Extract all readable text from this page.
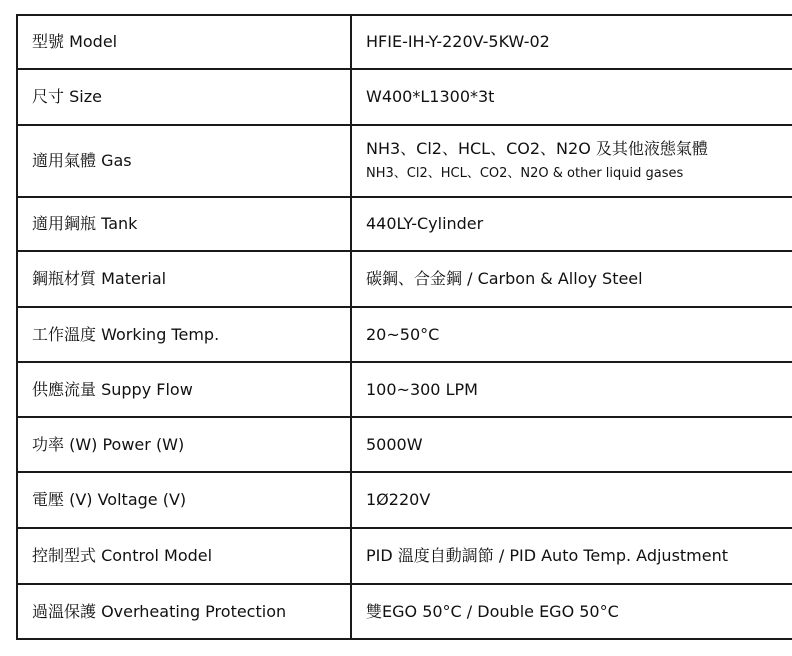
型號 Model	HFIE-IH-Y-220V-5KW-02
尺寸 Size	W400*L1300*3t
適用氣體 Gas	NH3、Cl2、HCL、CO2、N2O 及其他液態氣體
NH3、Cl2、HCL、CO2、N2O & other liquid gases

適用鋼瓶 Tank	440LY-Cylinder
鋼瓶材質 Material	碳鋼、合金鋼 / Carbon & Alloy Steel
工作溫度 Working Temp.	20~50°C
供應流量 Suppy Flow	100~300 LPM
功率 (W) Power (W)	5000W
電壓 (V) Voltage (V)	1Ø220V
控制型式 Control Model	PID 溫度自動調節 / PID Auto Temp. Adjustment
過溫保護 Overheating Protection	雙EGO 50°C / Double EGO 50°C
